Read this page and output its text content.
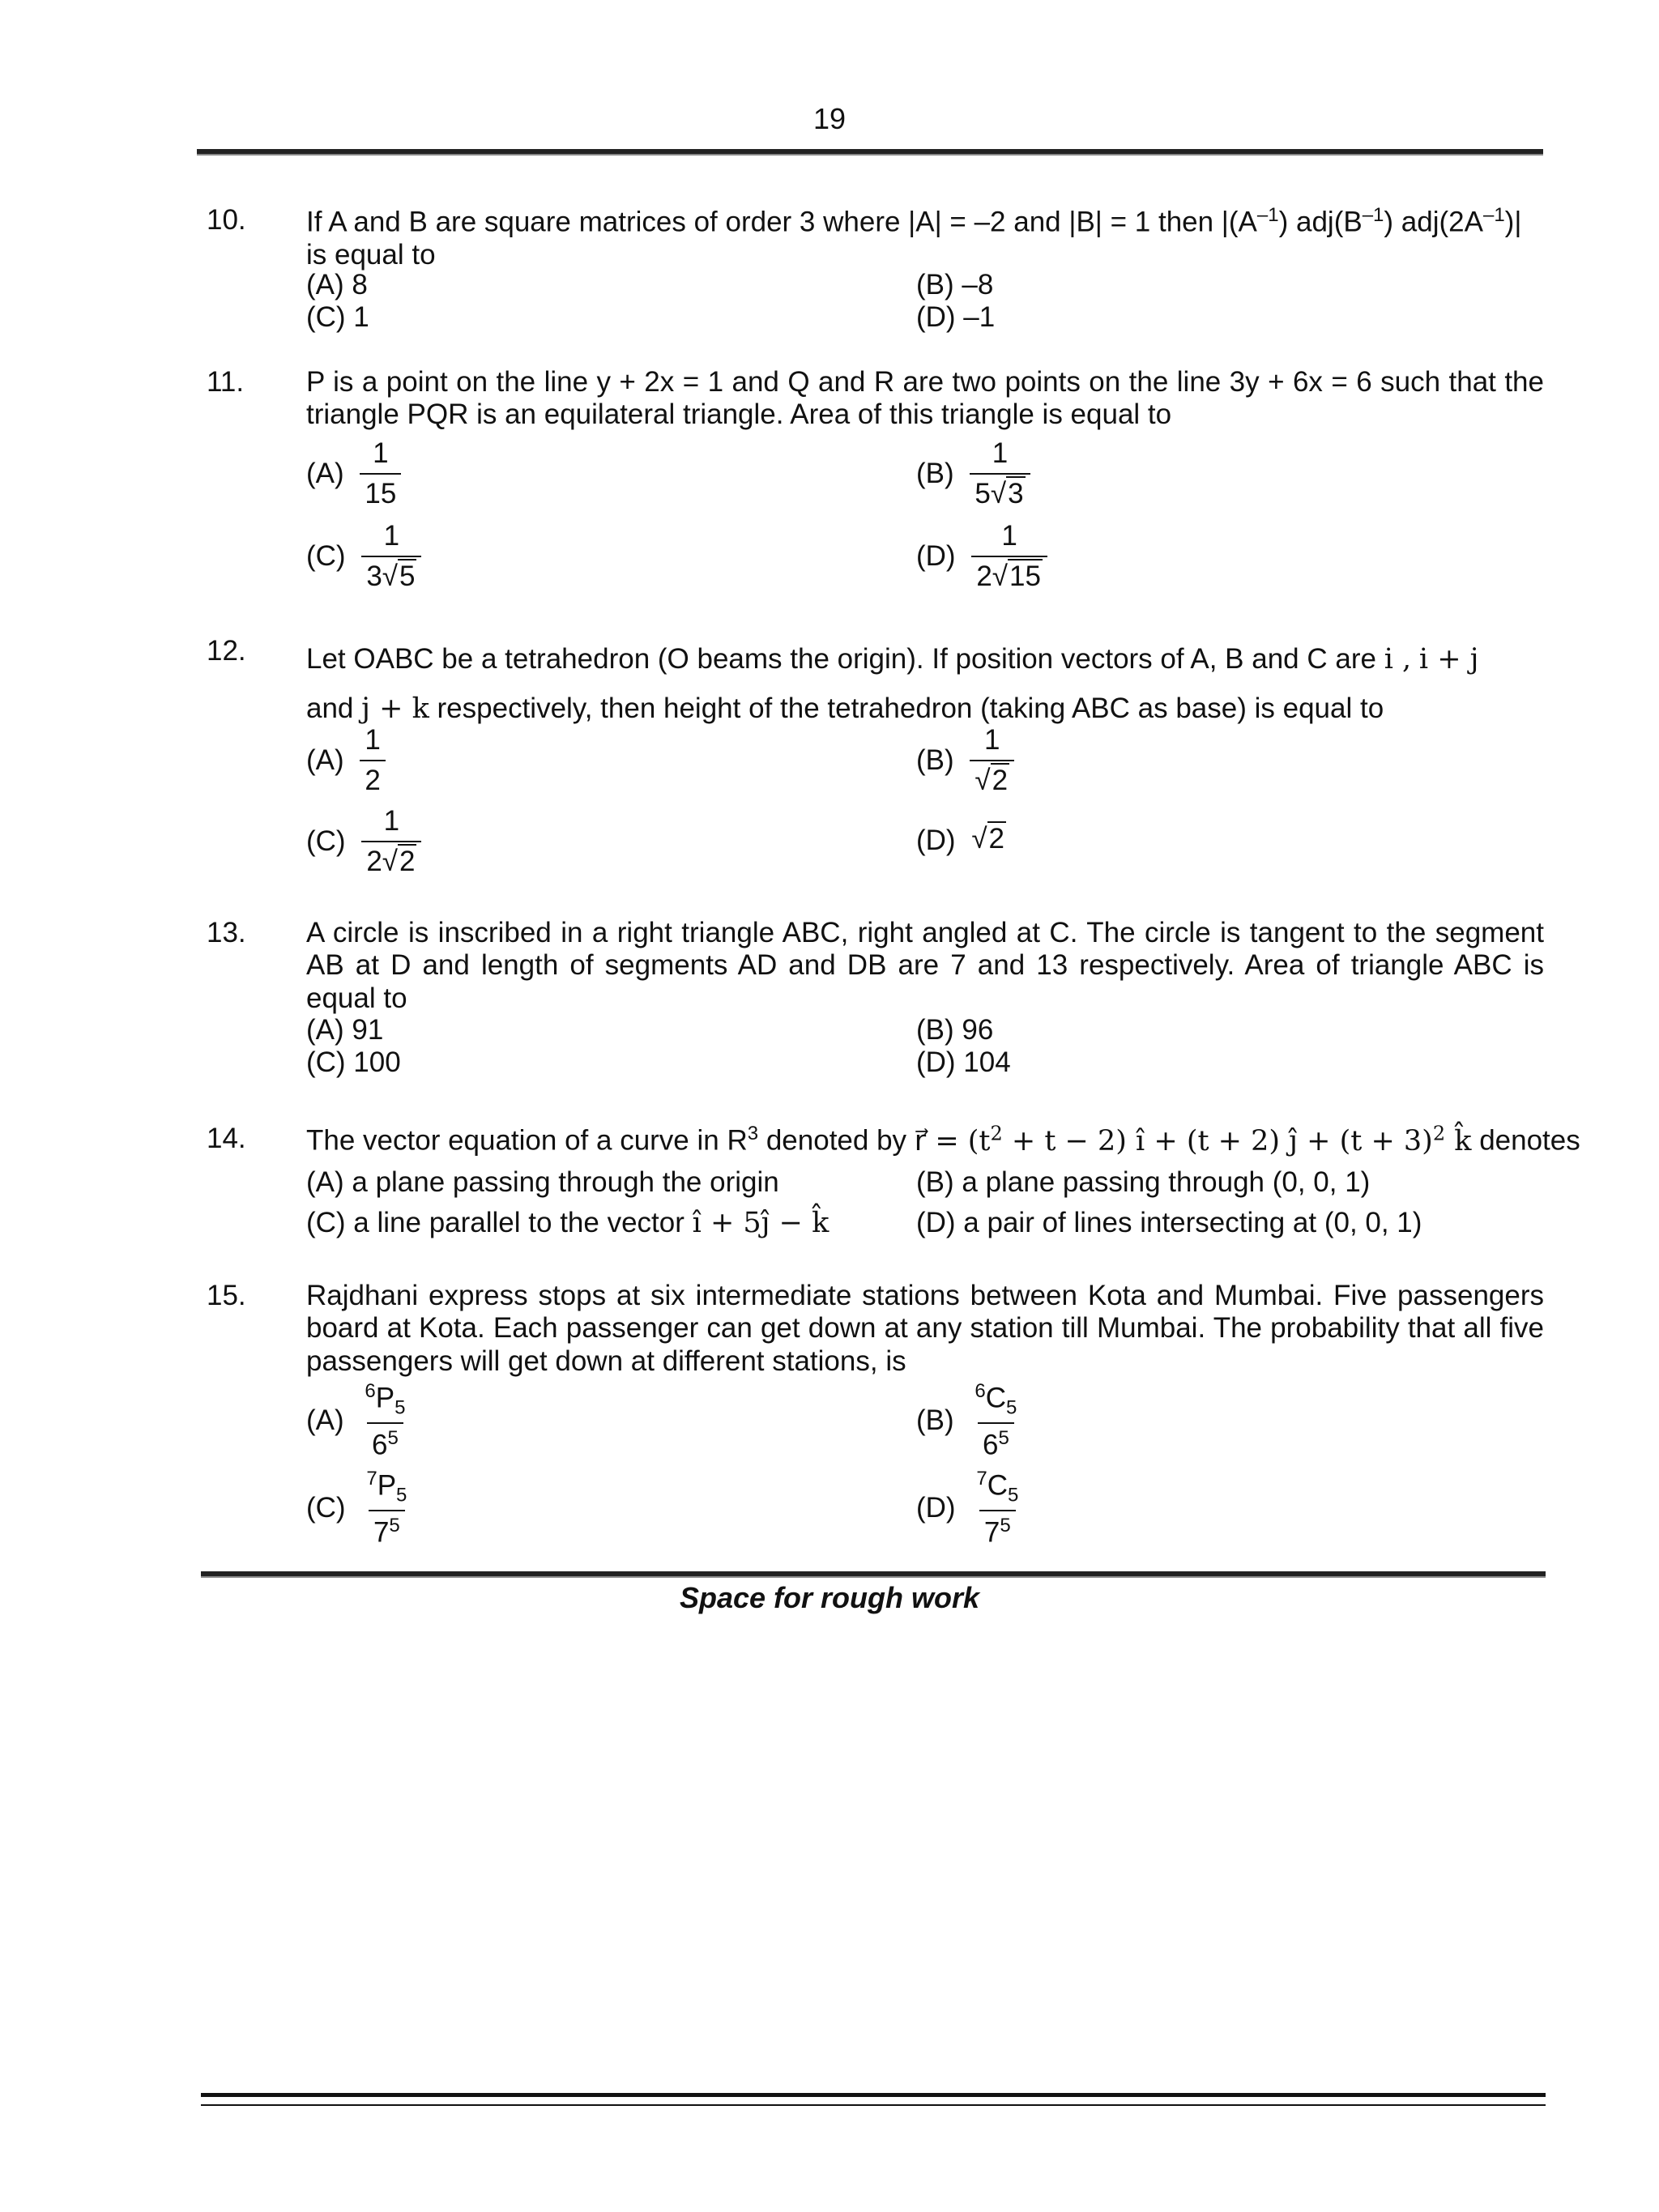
19
10. If A and B are square matrices of order 3 where |A| = –2 and |B| = 1 then $|(A^{-1})$ $adj(B^{-1})$ $adj(2A^{-1})|$
is equal to
(A) 8	(B) –8
(C) 1	(D) –1
11. P is a point on the line y + 2x = 1 and Q and R are two points on the line 3y + 6x = 6 such that the triangle PQR is an equilateral triangle. Area of this triangle is equal to
$(A) \frac{1}{15}$	$(B) \frac{1}{5√3}$
$(C) \frac{1}{3√5}$	$(D) \frac{1}{2√15}$
12. Let OABC be a tetrahedron (O beams the origin). If position vectors of A, B and C are i , i + j
and j + k respectively, then height of the tetrahedron (taking ABC as base) is equal to
$(A) \frac{1}{2}$	$(B) \frac{1}{√2}$
$(C) \frac{1}{2√2}$	(D) √2
13. A circle is inscribed in a right triangle ABC, right angled at C. The circle is tangent to the segment AB at D and length of segments AD and DB are 7 and 13 respectively. Area of triangle ABC is equal to
(A) 91	(B) 96
(C) 100	(D) 104
14. The vector equation of a curve in $R^3$ denoted by r⃗ = $(t^2 + t - 2)$ î + (t + 2) ĵ + $(t + 3)^2$ k̂ denotes
(A) a plane passing through the origin	(B) a plane passing through (0, 0, 1)
(C) a line parallel to the vector î + 5ĵ − k̂	(D) a pair of lines intersecting at (0, 0, 1)
15. Rajdhani express stops at six intermediate stations between Kota and Mumbai. Five passengers board at Kota. Each passenger can get down at any station till Mumbai. The probability that all five passengers will get down at different stations, is
$(A) \frac{^6P_5}{6^5}$	$(B) \frac{^6C_5}{6^5}$
$(C) \frac{^7P_5}{7^5}$	$(D) \frac{^7C_5}{7^5}$
Space for rough work
